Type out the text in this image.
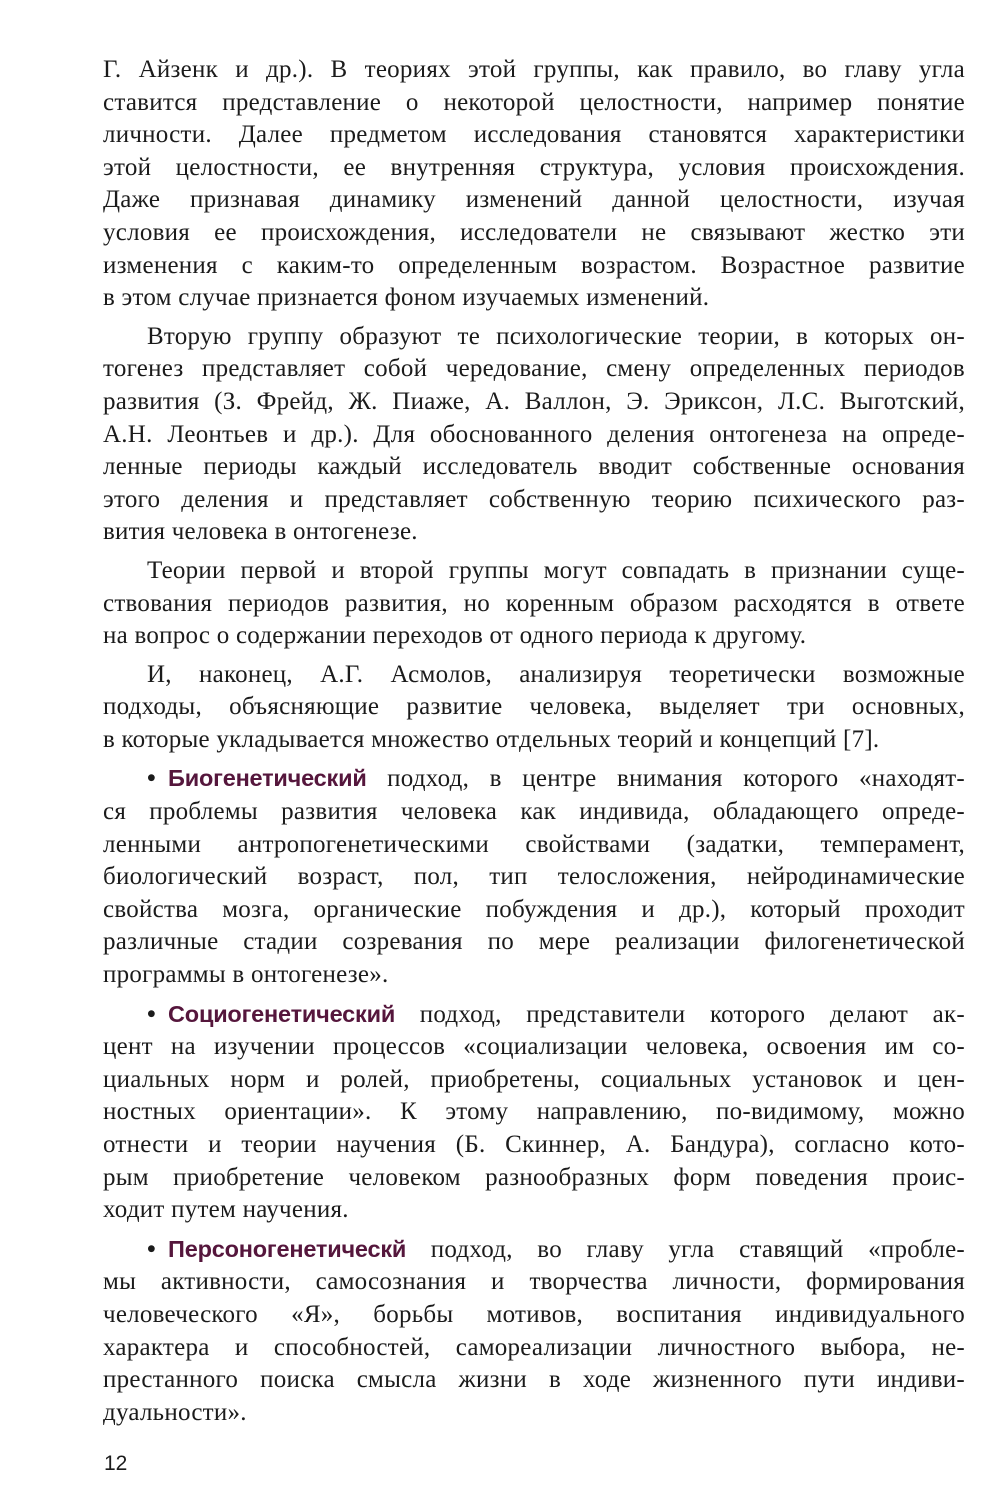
Г. Айзенк и др.). В теориях этой группы, как правило, во главу угла
ставится представление о некоторой целостности, например понятие
личности. Далее предметом исследования становятся характеристики
этой целостности, ее внутренняя структура, условия происхождения.
Даже признавая динамику изменений данной целостности, изучая
условия ее происхождения, исследователи не связывают жестко эти
изменения с каким-то определенным возрастом. Возрастное развитие
в этом случае признается фоном изучаемых изменений.

Вторую группу образуют те психологические теории, в которых он-
тогенез представляет собой чередование, смену определенных периодов
развития (З. Фрейд, Ж. Пиаже, А. Валлон, Э. Эриксон, Л.С. Выготский,
А.Н. Леонтьев и др.). Для обоснованного деления онтогенеза на опреде-
ленные периоды каждый исследователь вводит собственные основания
этого деления и представляет собственную теорию психического раз-
вития человека в онтогенезе.

Теории первой и второй группы могут совпадать в признании суще-
ствования периодов развития, но коренным образом расходятся в ответе
на вопрос о содержании переходов от одного периода к другому.

И, наконец, А.Г. Асмолов, анализируя теоретически возможные
подходы, объясняющие развитие человека, выделяет три основных,
в которые укладывается множество отдельных теорий и концепций [7].

• Биогенетический подход, в центре внимания которого «находят-
ся проблемы развития человека как индивида, обладающего опреде-
ленными антропогенетическими свойствами (задатки, темперамент,
биологический возраст, пол, тип телосложения, нейродинамические
свойства мозга, органические побуждения и др.), который проходит
различные стадии созревания по мере реализации филогенетической
программы в онтогенезе».

• Социогенетический подход, представители которого делают ак-
цент на изучении процессов «социализации человека, освоения им со-
циальных норм и ролей, приобретены, социальных установок и цен-
ностных ориентации». К этому направлению, по-видимому, можно
отнести и теории научения (Б. Скиннер, А. Бандура), согласно кото-
рым приобретение человеком разнообразных форм поведения проис-
ходит путем научения.

• Персоногенетическй подход, во главу угла ставящий «пробле-
мы активности, самосознания и творчества личности, формирования
человеческого «Я», борьбы мотивов, воспитания индивидуального
характера и способностей, самореализации личностного выбора, не-
престанного поиска смысла жизни в ходе жизненного пути индиви-
дуальности».

12
